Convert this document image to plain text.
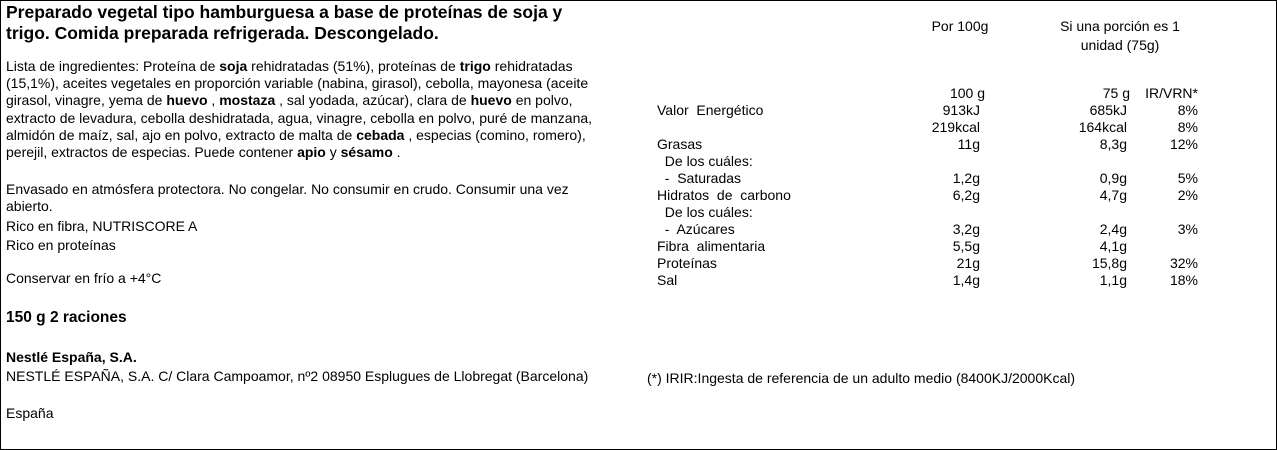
Preparado vegetal tipo hamburguesa a base de proteínas de soja y
trigo. Comida preparada refrigerada. Descongelado.
Lista de ingredientes: Proteína de soja rehidratadas (51%), proteínas de trigo rehidratadas (15,1%), aceites vegetales en proporción variable (nabina, girasol), cebolla, mayonesa (aceite girasol, vinagre, yema de huevo , mostaza , sal yodada, azúcar), clara de huevo en polvo, extracto de levadura, cebolla deshidratada, agua, vinagre, cebolla en polvo, puré de manzana, almidón de maíz, sal, ajo en polvo, extracto de malta de cebada , especias (comino, romero), perejil, extractos de especias. Puede contener apio y sésamo .
Envasado en atmósfera protectora. No congelar. No consumir en crudo. Consumir una vez
abierto.
Rico en fibra, NUTRISCORE A
Rico en proteínas
Conservar en frío a +4°C
150 g 2 raciones
Nestlé España, S.A.
NESTLÉ ESPAÑA, S.A. C/ Clara Campoamor, nº2 08950 Esplugues de Llobregat (Barcelona)
España
Por 100g	Si una porción es 1
unidad (75g)
100 g	75 g	IR/VRN*
Valor  Energético	913kJ	685kJ	8%
219kcal	164kcal	8%
Grasas	11g	8,3g	12%
De los cuáles:
-  Saturadas	1,2g	0,9g	5%
Hidratos  de  carbono	6,2g	4,7g	2%
De los cuáles:
-  Azúcares	3,2g	2,4g	3%
Fibra  alimentaria	5,5g	4,1g
Proteínas	21g	15,8g	32%
Sal	1,4g	1,1g	18%
(*) IRIR:Ingesta de referencia de un adulto medio (8400KJ/2000Kcal)
